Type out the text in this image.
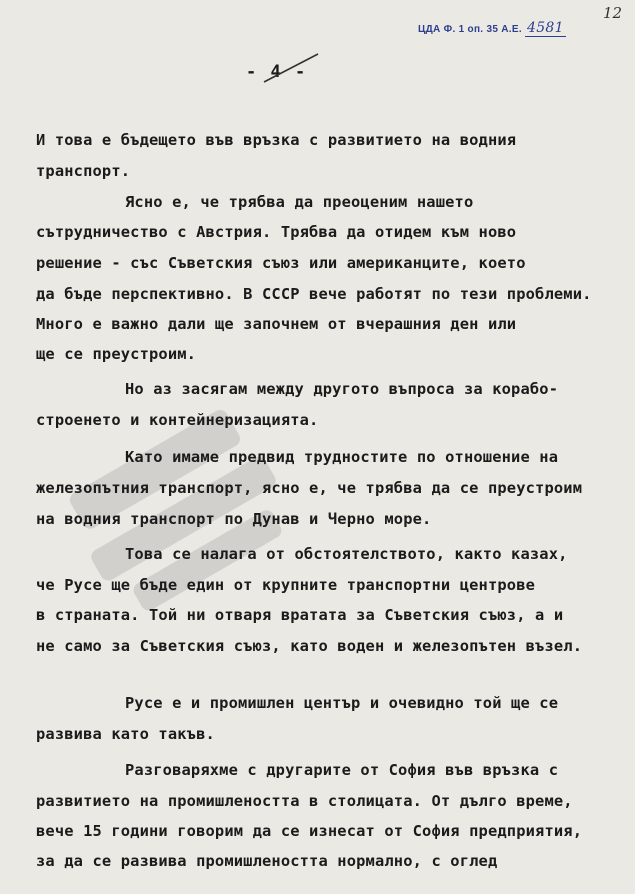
ЦДА Ф. 1 оп. 35 А.Е. 4581
12
- 4 -
И това е бъдещето във връзка с развитието на водния
транспорт.
Ясно е, че трябва да преоценим нашето
сътрудничество с Австрия. Трябва да отидем към ново
решение - със Съветския съюз или американците, което
да бъде перспективно. В СССР вече работят по тези проблеми.
Много е важно дали ще започнем от вчерашния ден или
ще се преустроим.
Но аз засягам между другото въпроса за корабо-
строенето и контейнеризацията.
Като имаме предвид трудностите по отношение на
железопътния транспорт, ясно е, че трябва да се преустроим
на водния транспорт по Дунав и Черно море.
Това се налага от обстоятелството, както казах,
че Русе ще бъде един от крупните транспортни центрове
в страната. Той ни отваря вратата за Съветския съюз, а и
не само за Съветския съюз, като воден и железопътен възел.
Русе е и промишлен център и очевидно той ще се
развива като такъв.
Разговаряхме с другарите от София във връзка с
развитието на промишлеността в столицата. От дълго време,
вече 15 години говорим да се изнесат от София предприятия,
за да се развива промишлеността нормално, с оглед
